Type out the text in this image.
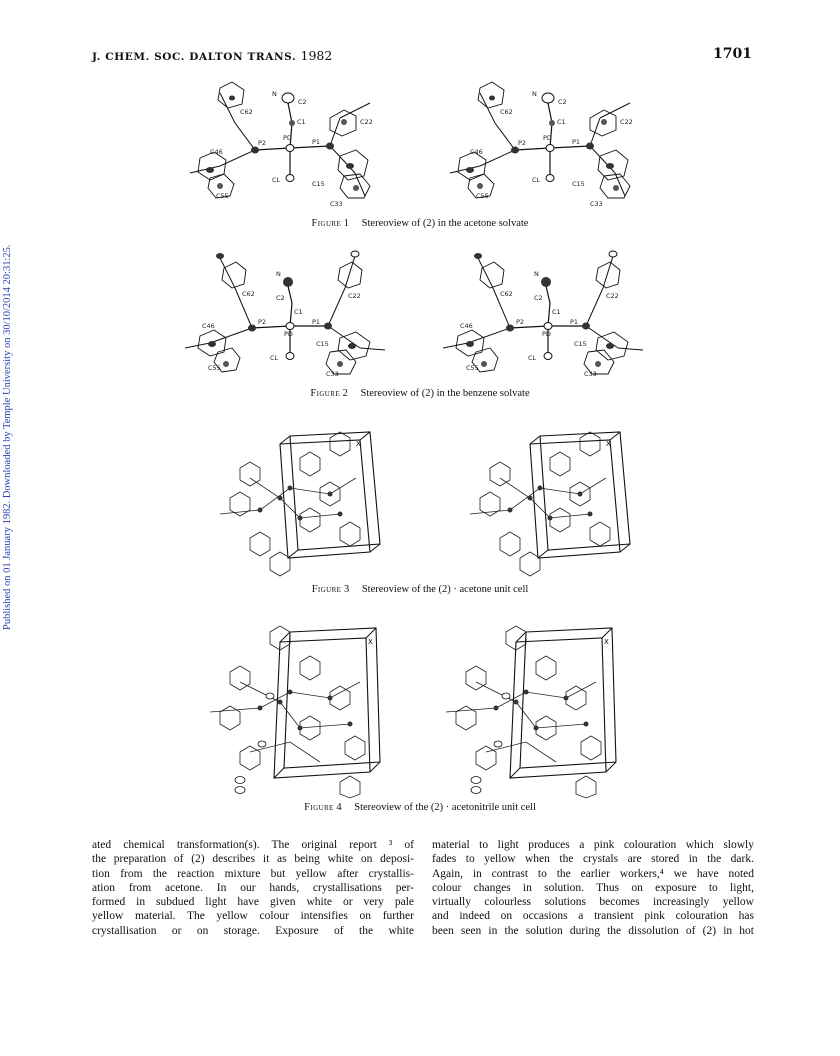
Published on 01 January 1982. Downloaded by Temple University on 30/10/2014 20:31:25.
J. CHEM. SOC. DALTON TRANS. 1982	1701
N
C2
C1
C62
C22
P2
PD	P1
C46
CL	C15
C55
C33
N
C2
C1
C62
C22
P2
PD	P1
C46
CL	C15
C55
C33
Figure 1 Stereoview of (2) in the acetone solvate
N
C2
C1
C62	C22
P2
PD
P1
C46
CL
C15
C55
C33
N
C2
C1
C62	C22
P2
PD
P1
C46
CL
C15
C55
C33
Figure 2 Stereoview of (2) in the benzene solvate
X	X
Figure 3 Stereoview of the (2) · acetone unit cell
X	X
Figure 4 Stereoview of the (2) · acetonitrile unit cell
ated chemical transformation(s). The original report ³ of
the preparation of (2) describes it as being white on deposi-
tion from the reaction mixture but yellow after crystallis-
ation from acetone. In our hands, crystallisations per-
formed in subdued light have given white or very pale
yellow material. The yellow colour intensifies on further
crystallisation or on storage. Exposure of the white
material to light produces a pink colouration which slowly
fades to yellow when the crystals are stored in the dark.
Again, in contrast to the earlier workers,⁴ we have noted
colour changes in solution. Thus on exposure to light,
virtually colourless solutions becomes increasingly yellow
and indeed on occasions a transient pink colouration has
been seen in the solution during the dissolution of (2) in hot
